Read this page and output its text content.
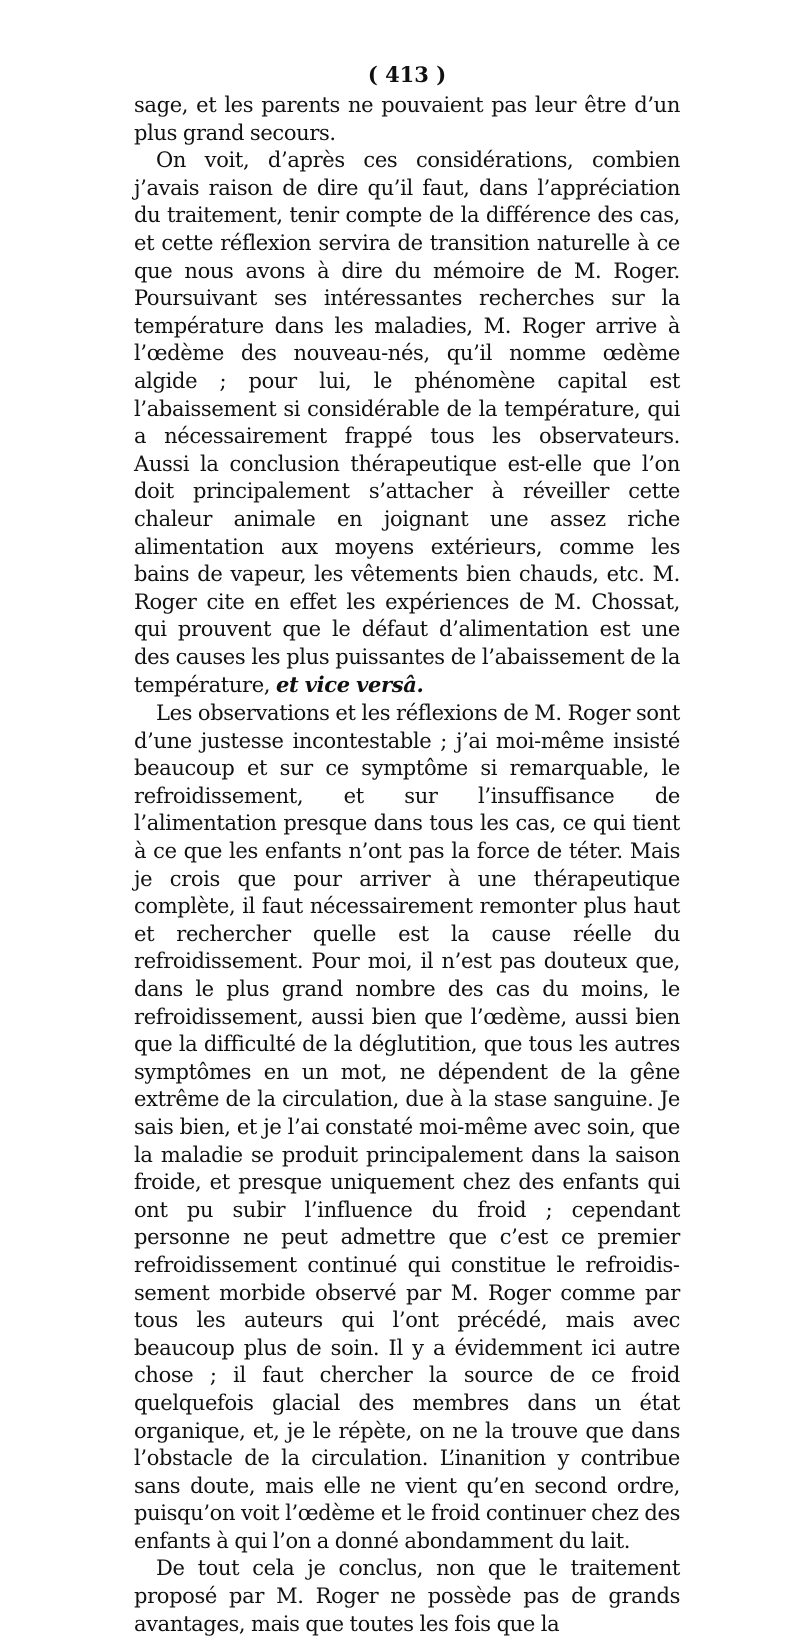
( 413 )

sage, et les parents ne pouvaient pas leur être d’un plus grand secours.

On voit, d’après ces considérations, combien j’avais raison de dire qu’il faut, dans l’appréciation du traitement, tenir compte de la différence des cas, et cette réflexion servira de transition naturelle à ce que nous avons à dire du mémoire de M. Roger. Poursuivant ses intéressantes recherches sur la température dans les maladies, M. Roger arrive à l’œdème des nouveau-nés, qu’il nomme œdème algide ; pour lui, le phénomène capital est l’abaissement si considérable de la température, qui a nécessairement frappé tous les observateurs. Aussi la conclusion thérapeutique est-elle que l’on doit principalement s’attacher à réveiller cette chaleur animale en joignant une assez riche alimentation aux moyens extérieurs, comme les bains de vapeur, les vêtements bien chauds, etc. M. Roger cite en effet les expériences de M. Chossat, qui prouvent que le défaut d’alimentation est une des causes les plus puissantes de l’abaissement de la température, et vice versâ.

Les observations et les réflexions de M. Roger sont d’une justesse incontestable ; j’ai moi-même insisté beaucoup et sur ce symptôme si remarquable, le refroidissement, et sur l’insuffisance de l’alimentation presque dans tous les cas, ce qui tient à ce que les enfants n’ont pas la force de téter. Mais je crois que pour arriver à une thérapeutique complète, il faut nécessairement remonter plus haut et rechercher quelle est la cause réelle du refroidissement. Pour moi, il n’est pas douteux que, dans le plus grand nombre des cas du moins, le refroidissement, aussi bien que l’œdème, aussi bien que la difficulté de la déglutition, que tous les autres symptômes en un mot, ne dépendent de la gêne extrême de la circulation, due à la stase sanguine. Je sais bien, et je l’ai constaté moi-même avec soin, que la maladie se produit principalement dans la saison froide, et presque uniquement chez des enfants qui ont pu subir l’influence du froid ; cependant personne ne peut admettre que c’est ce premier refroidissement continué qui constitue le refroidissement morbide observé par M. Roger comme par tous les auteurs qui l’ont précédé, mais avec beaucoup plus de soin. Il y a évidemment ici autre chose ; il faut chercher la source de ce froid quelquefois glacial des membres dans un état organique, et, je le répète, on ne la trouve que dans l’obstacle de la circulation. L’inanition y contribue sans doute, mais elle ne vient qu’en second ordre, puisqu’on voit l’œdème et le froid continuer chez des enfants à qui l’on a donné abondamment du lait.

De tout cela je conclus, non que le traitement proposé par M. Roger ne possède pas de grands avantages, mais que toutes les fois que la
